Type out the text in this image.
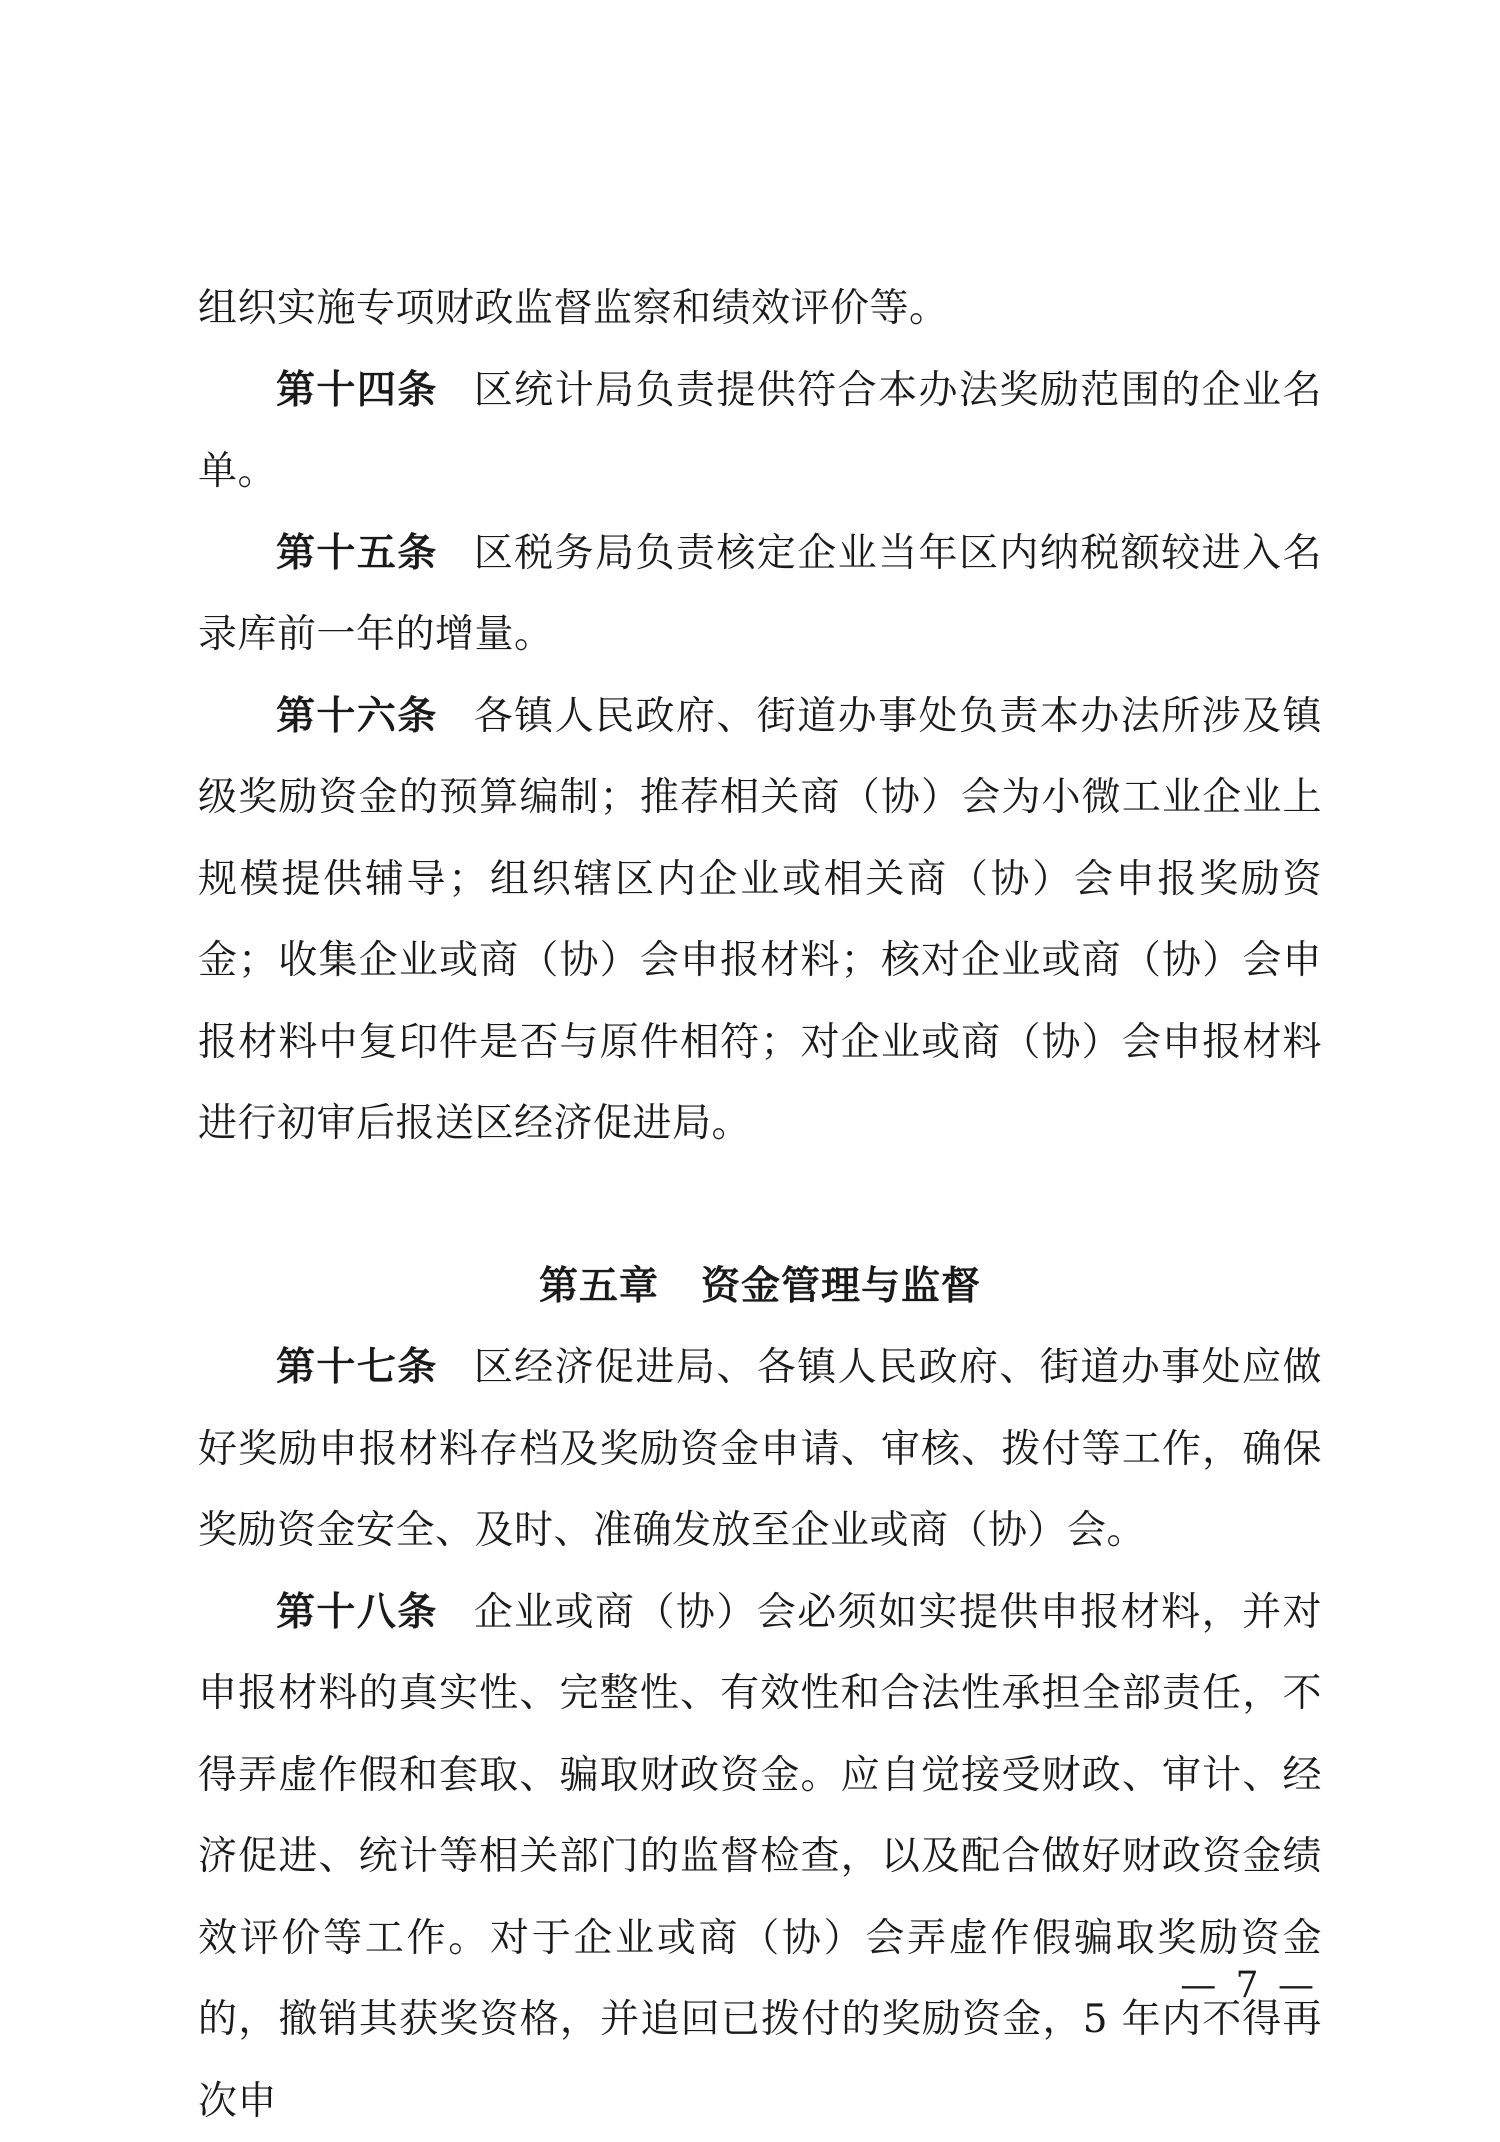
组织实施专项财政监督监察和绩效评价等。

第十四条 区统计局负责提供符合本办法奖励范围的企业名单。

第十五条 区税务局负责核定企业当年区内纳税额较进入名录库前一年的增量。

第十六条 各镇人民政府、街道办事处负责本办法所涉及镇级奖励资金的预算编制；推荐相关商（协）会为小微工业企业上规模提供辅导；组织辖区内企业或相关商（协）会申报奖励资金；收集企业或商（协）会申报材料；核对企业或商（协）会申报材料中复印件是否与原件相符；对企业或商（协）会申报材料进行初审后报送区经济促进局。

第五章 资金管理与监督

第十七条 区经济促进局、各镇人民政府、街道办事处应做好奖励申报材料存档及奖励资金申请、审核、拨付等工作，确保奖励资金安全、及时、准确发放至企业或商（协）会。

第十八条 企业或商（协）会必须如实提供申报材料，并对申报材料的真实性、完整性、有效性和合法性承担全部责任，不得弄虚作假和套取、骗取财政资金。应自觉接受财政、审计、经济促进、统计等相关部门的监督检查，以及配合做好财政资金绩效评价等工作。对于企业或商（协）会弄虚作假骗取奖励资金的，撤销其获奖资格，并追回已拨付的奖励资金，5 年内不得再次申

— 7 —
